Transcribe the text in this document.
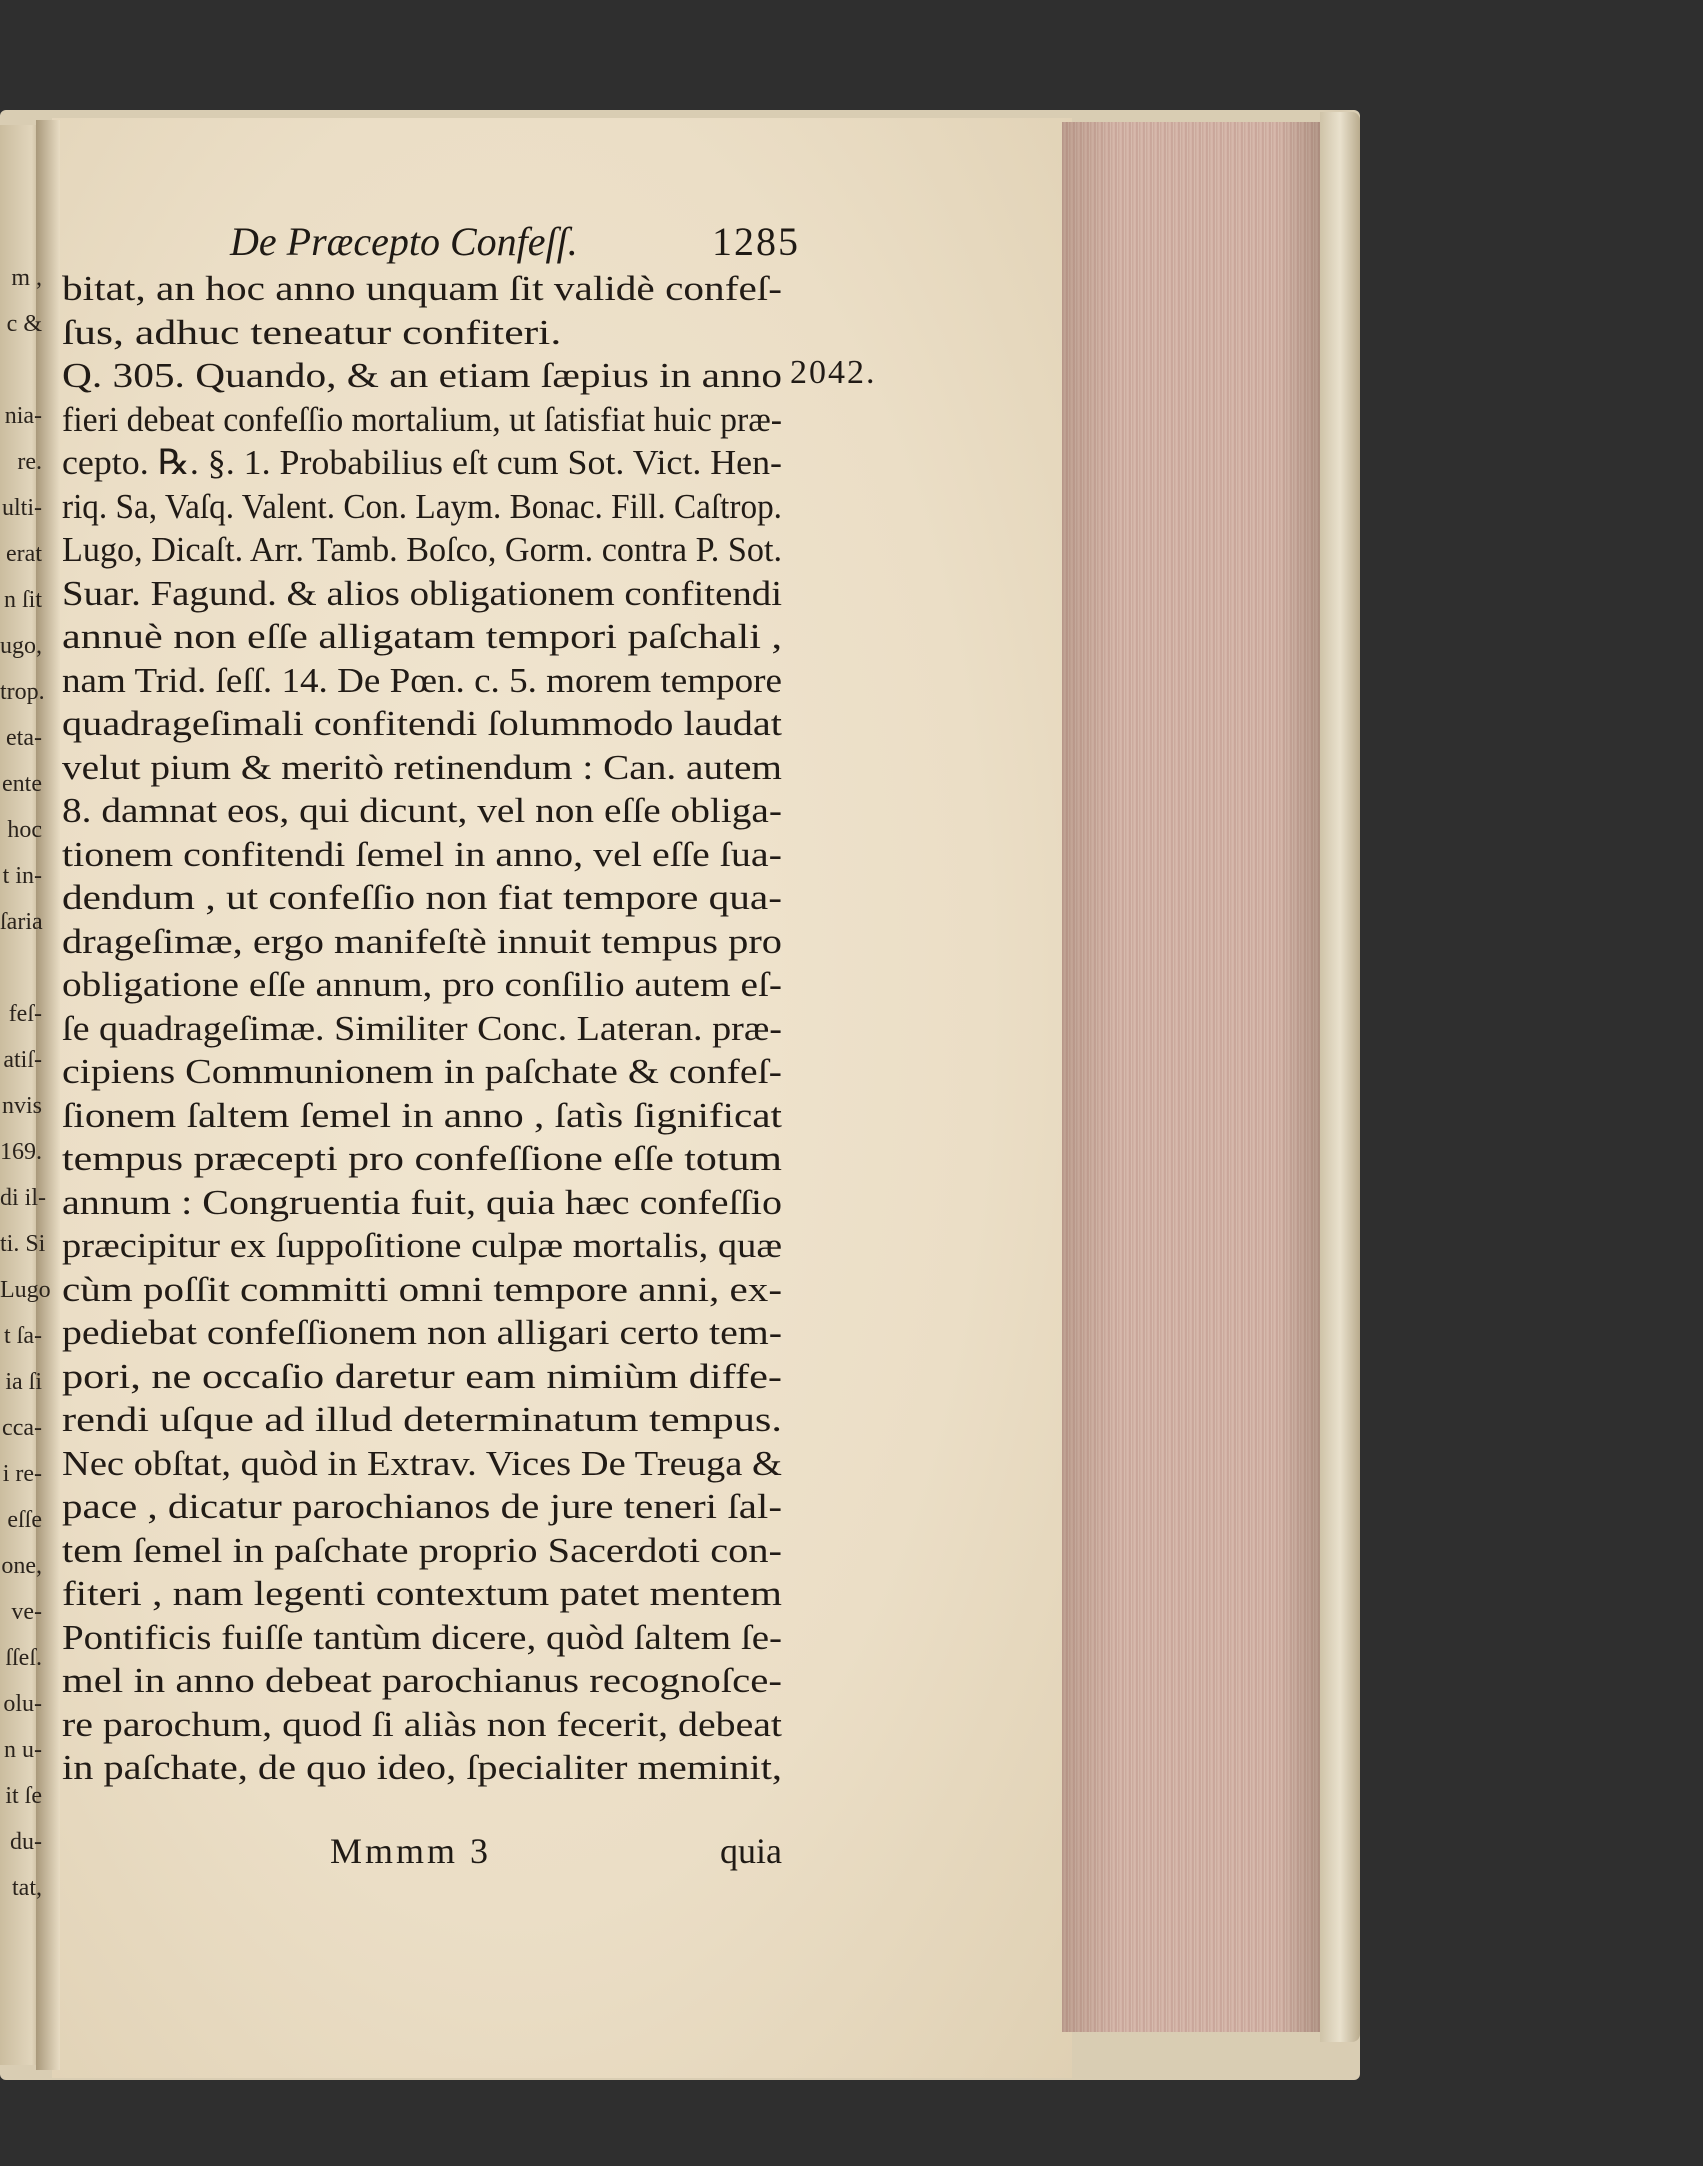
m ,
c &
nia-
re.
ulti-
erat
n ſit
ugo,
trop.
eta-
ente
hoc
t in-
ſaria
feſ-
atiſ-
nvis
169.
di il-
ti. Si
Lugo
t ſa-
ia ſi
cca-
i re-
eſſe
one,
ve-
ſſeſ.
olu-
n u-
it ſe
du-
tat,
De Præcepto Confeſſ.	1285
2042.
bitat, an hoc anno unquam ſit validè confeſ-
ſus, adhuc teneatur confiteri.
Q. 305. Quando, & an etiam ſæpius in anno
fieri debeat confeſſio mortalium, ut ſatisfiat huic præ-
cepto. ℞. §. 1. Probabilius eſt cum Sot. Vict. Hen-
riq. Sa, Vaſq. Valent. Con. Laym. Bonac. Fill. Caſtrop.
Lugo, Dicaſt. Arr. Tamb. Boſco, Gorm. contra P. Sot.
Suar. Fagund. & alios obligationem confitendi
annuè non eſſe alligatam tempori paſchali ,
nam Trid. ſeſſ. 14. De Pœn. c. 5. morem tempore
quadrageſimali confitendi ſolummodo laudat
velut pium & meritò retinendum : Can. autem
8. damnat eos, qui dicunt, vel non eſſe obliga-
tionem confitendi ſemel in anno, vel eſſe ſua-
dendum , ut confeſſio non fiat tempore qua-
drageſimæ, ergo manifeſtè innuit tempus pro
obligatione eſſe annum, pro conſilio autem eſ-
ſe quadrageſimæ. Similiter Conc. Lateran. præ-
cipiens Communionem in paſchate & confeſ-
ſionem ſaltem ſemel in anno , ſatìs ſignificat
tempus præcepti pro confeſſione eſſe totum
annum : Congruentia fuit, quia hæc confeſſio
præcipitur ex ſuppoſitione culpæ mortalis, quæ
cùm poſſit committi omni tempore anni, ex-
pediebat confeſſionem non alligari certo tem-
pori, ne occaſio daretur eam nimiùm diffe-
rendi uſque ad illud determinatum tempus.
Nec obſtat, quòd in Extrav. Vices De Treuga &
pace , dicatur parochianos de jure teneri ſal-
tem ſemel in paſchate proprio Sacerdoti con-
fiteri , nam legenti contextum patet mentem
Pontificis fuiſſe tantùm dicere, quòd ſaltem ſe-
mel in anno debeat parochianus recognoſce-
re parochum, quod ſi aliàs non fecerit, debeat
in paſchate, de quo ideo, ſpecialiter meminit,
Mmmm 3	quia
